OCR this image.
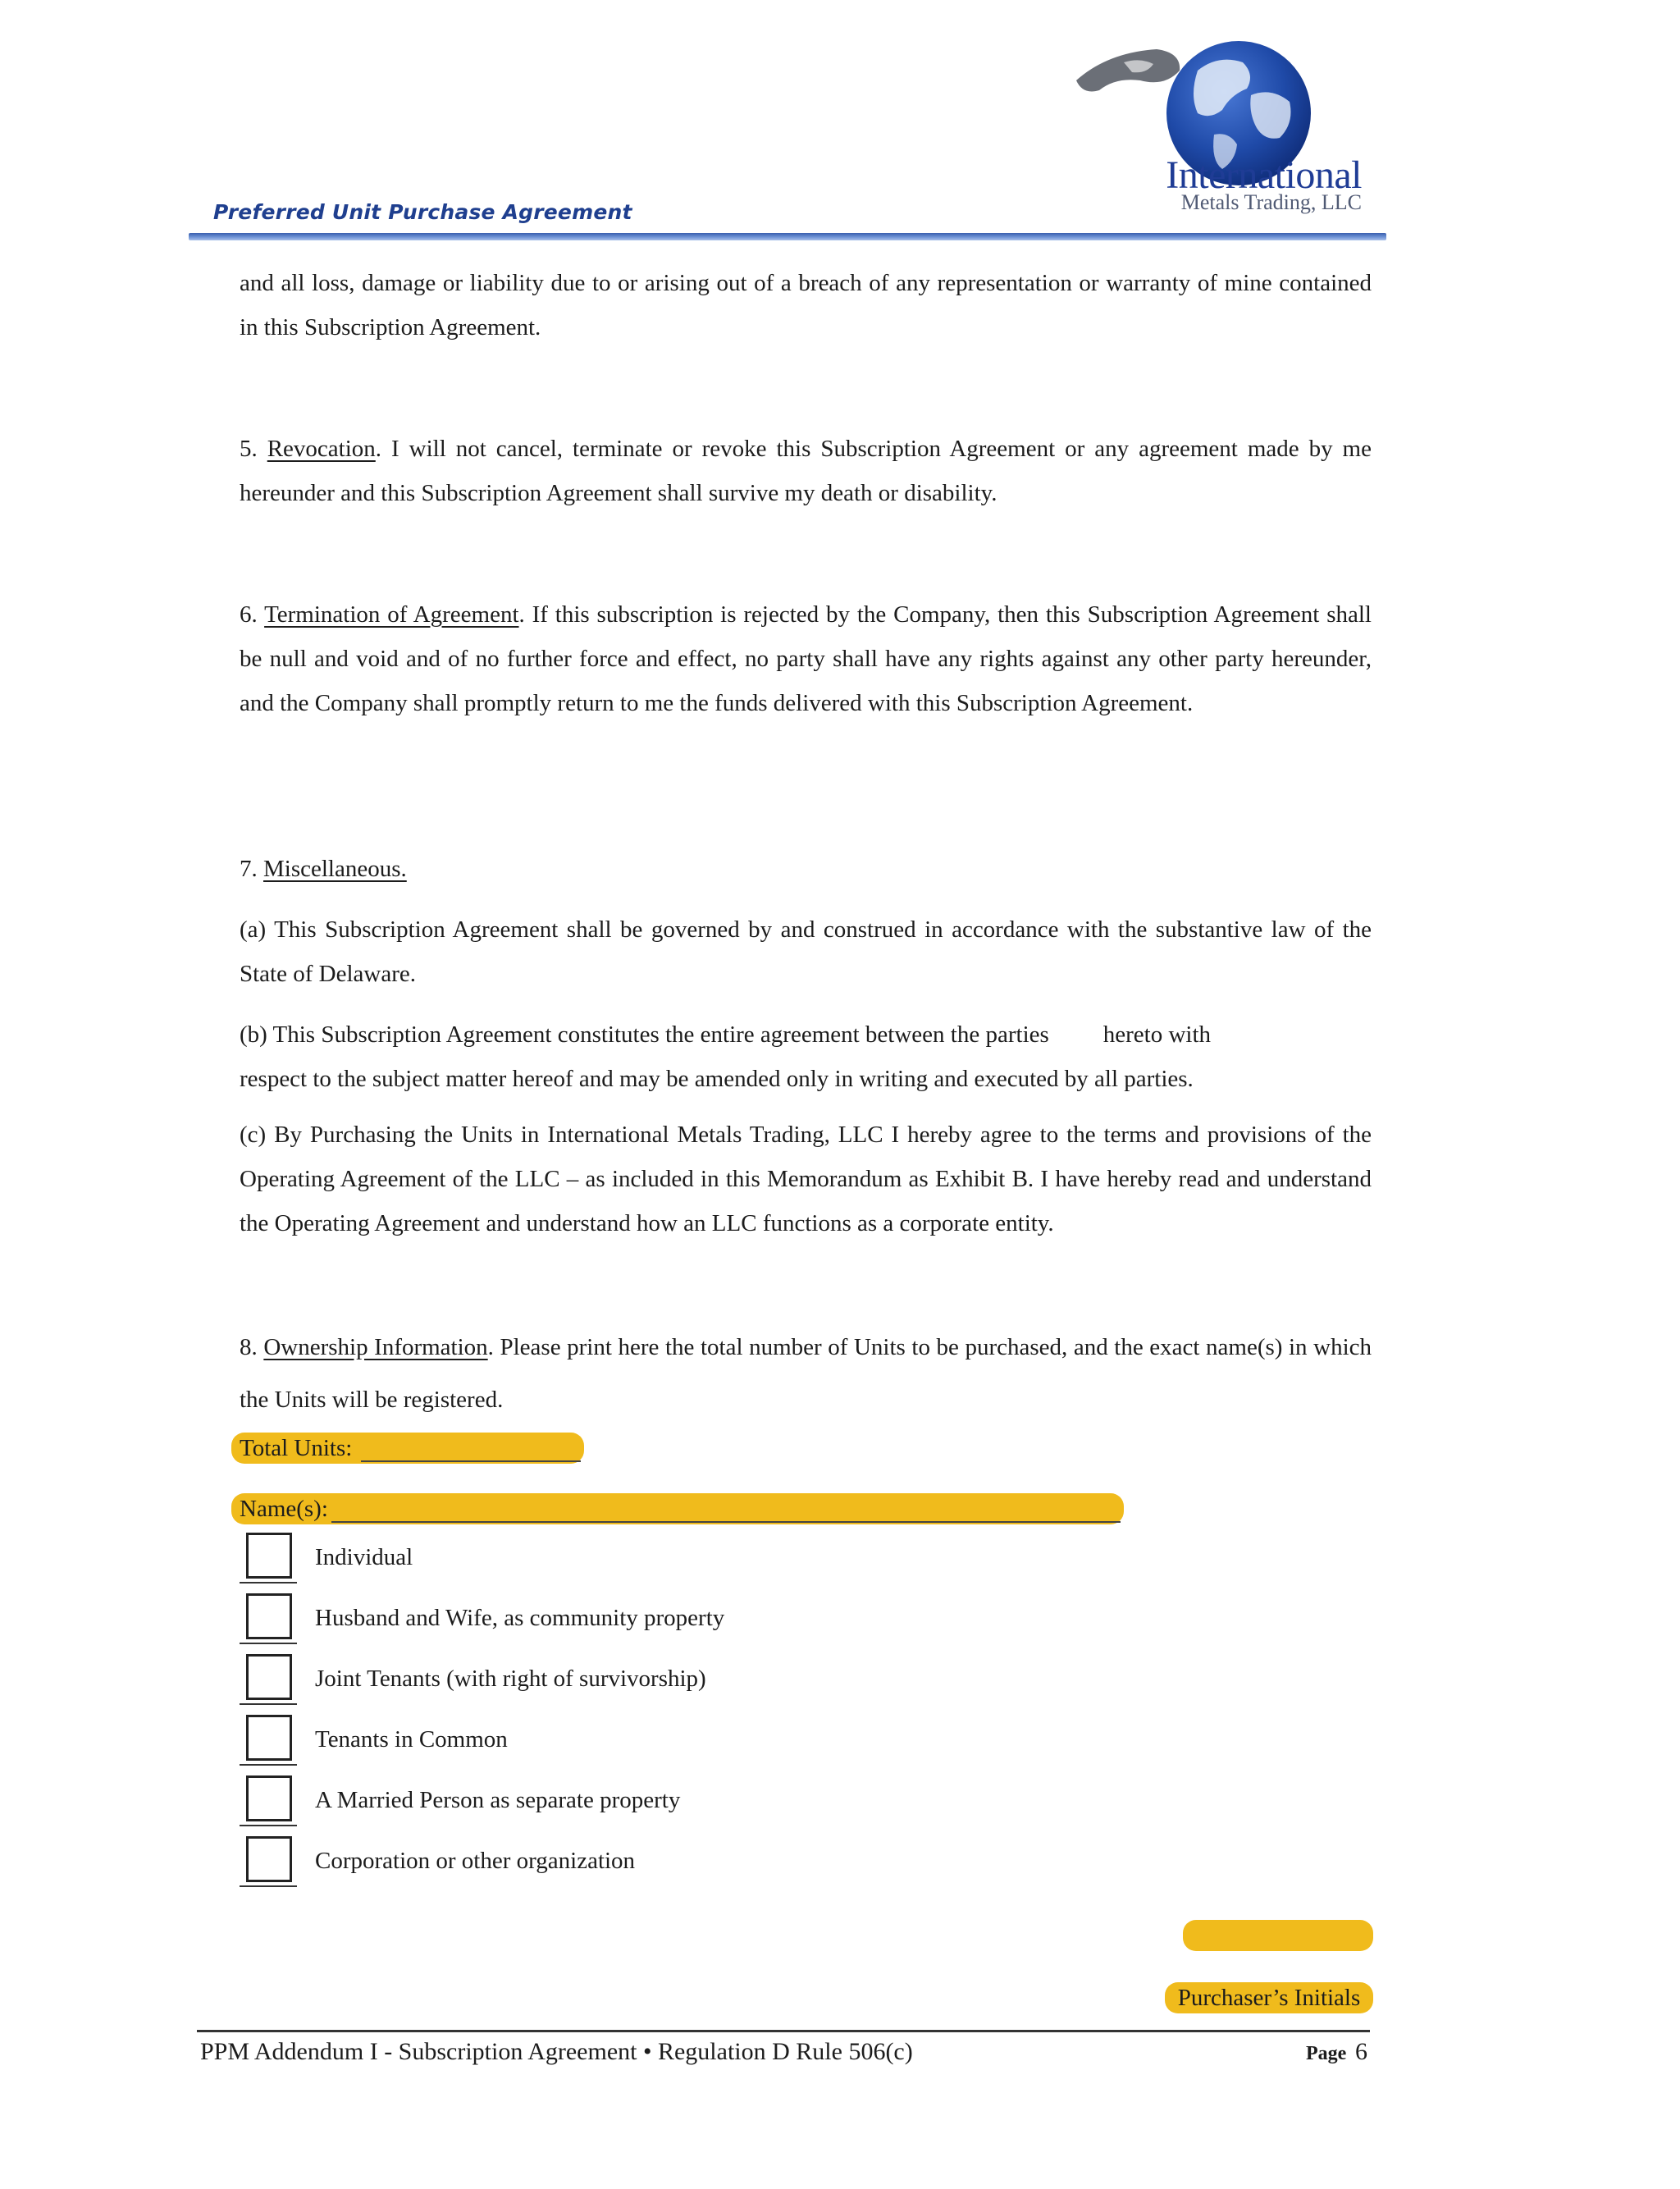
International
Metals Trading, LLC
Preferred Unit Purchase Agreement
and all loss, damage or liability due to or arising out of a breach of any representation or warranty of mine contained in this Subscription Agreement.
5. Revocation. I will not cancel, terminate or revoke this Subscription Agreement or any agreement made by me hereunder and this Subscription Agreement shall survive my death or disability.
6. Termination of Agreement. If this subscription is rejected by the Company, then this Subscription Agreement shall be null and void and of no further force and effect, no party shall have any rights against any other party hereunder, and the Company shall promptly return to me the funds delivered with this Subscription Agreement.
7. Miscellaneous.
(a) This Subscription Agreement shall be governed by and construed in accordance with the substantive law of the State of Delaware.
(b) This Subscription Agreement constitutes the entire agreement between the parties hereto with
respect to the subject matter hereof and may be amended only in writing and executed by all parties.
(c) By Purchasing the Units in International Metals Trading, LLC I hereby agree to the terms and provisions of the Operating Agreement of the LLC – as included in this Memorandum as Exhibit B. I have hereby read and understand the Operating Agreement and understand how an LLC functions as a corporate entity.
8. Ownership Information. Please print here the total number of Units to be purchased, and the exact name(s) in which the Units will be registered.
Total Units:
Name(s):
Individual
Husband and Wife, as community property
Joint Tenants (with right of survivorship)
Tenants in Common
A Married Person as separate property
Corporation or other organization
Purchaser’s Initials
PPM Addendum I - Subscription Agreement • Regulation D Rule 506(c)	Page 6
